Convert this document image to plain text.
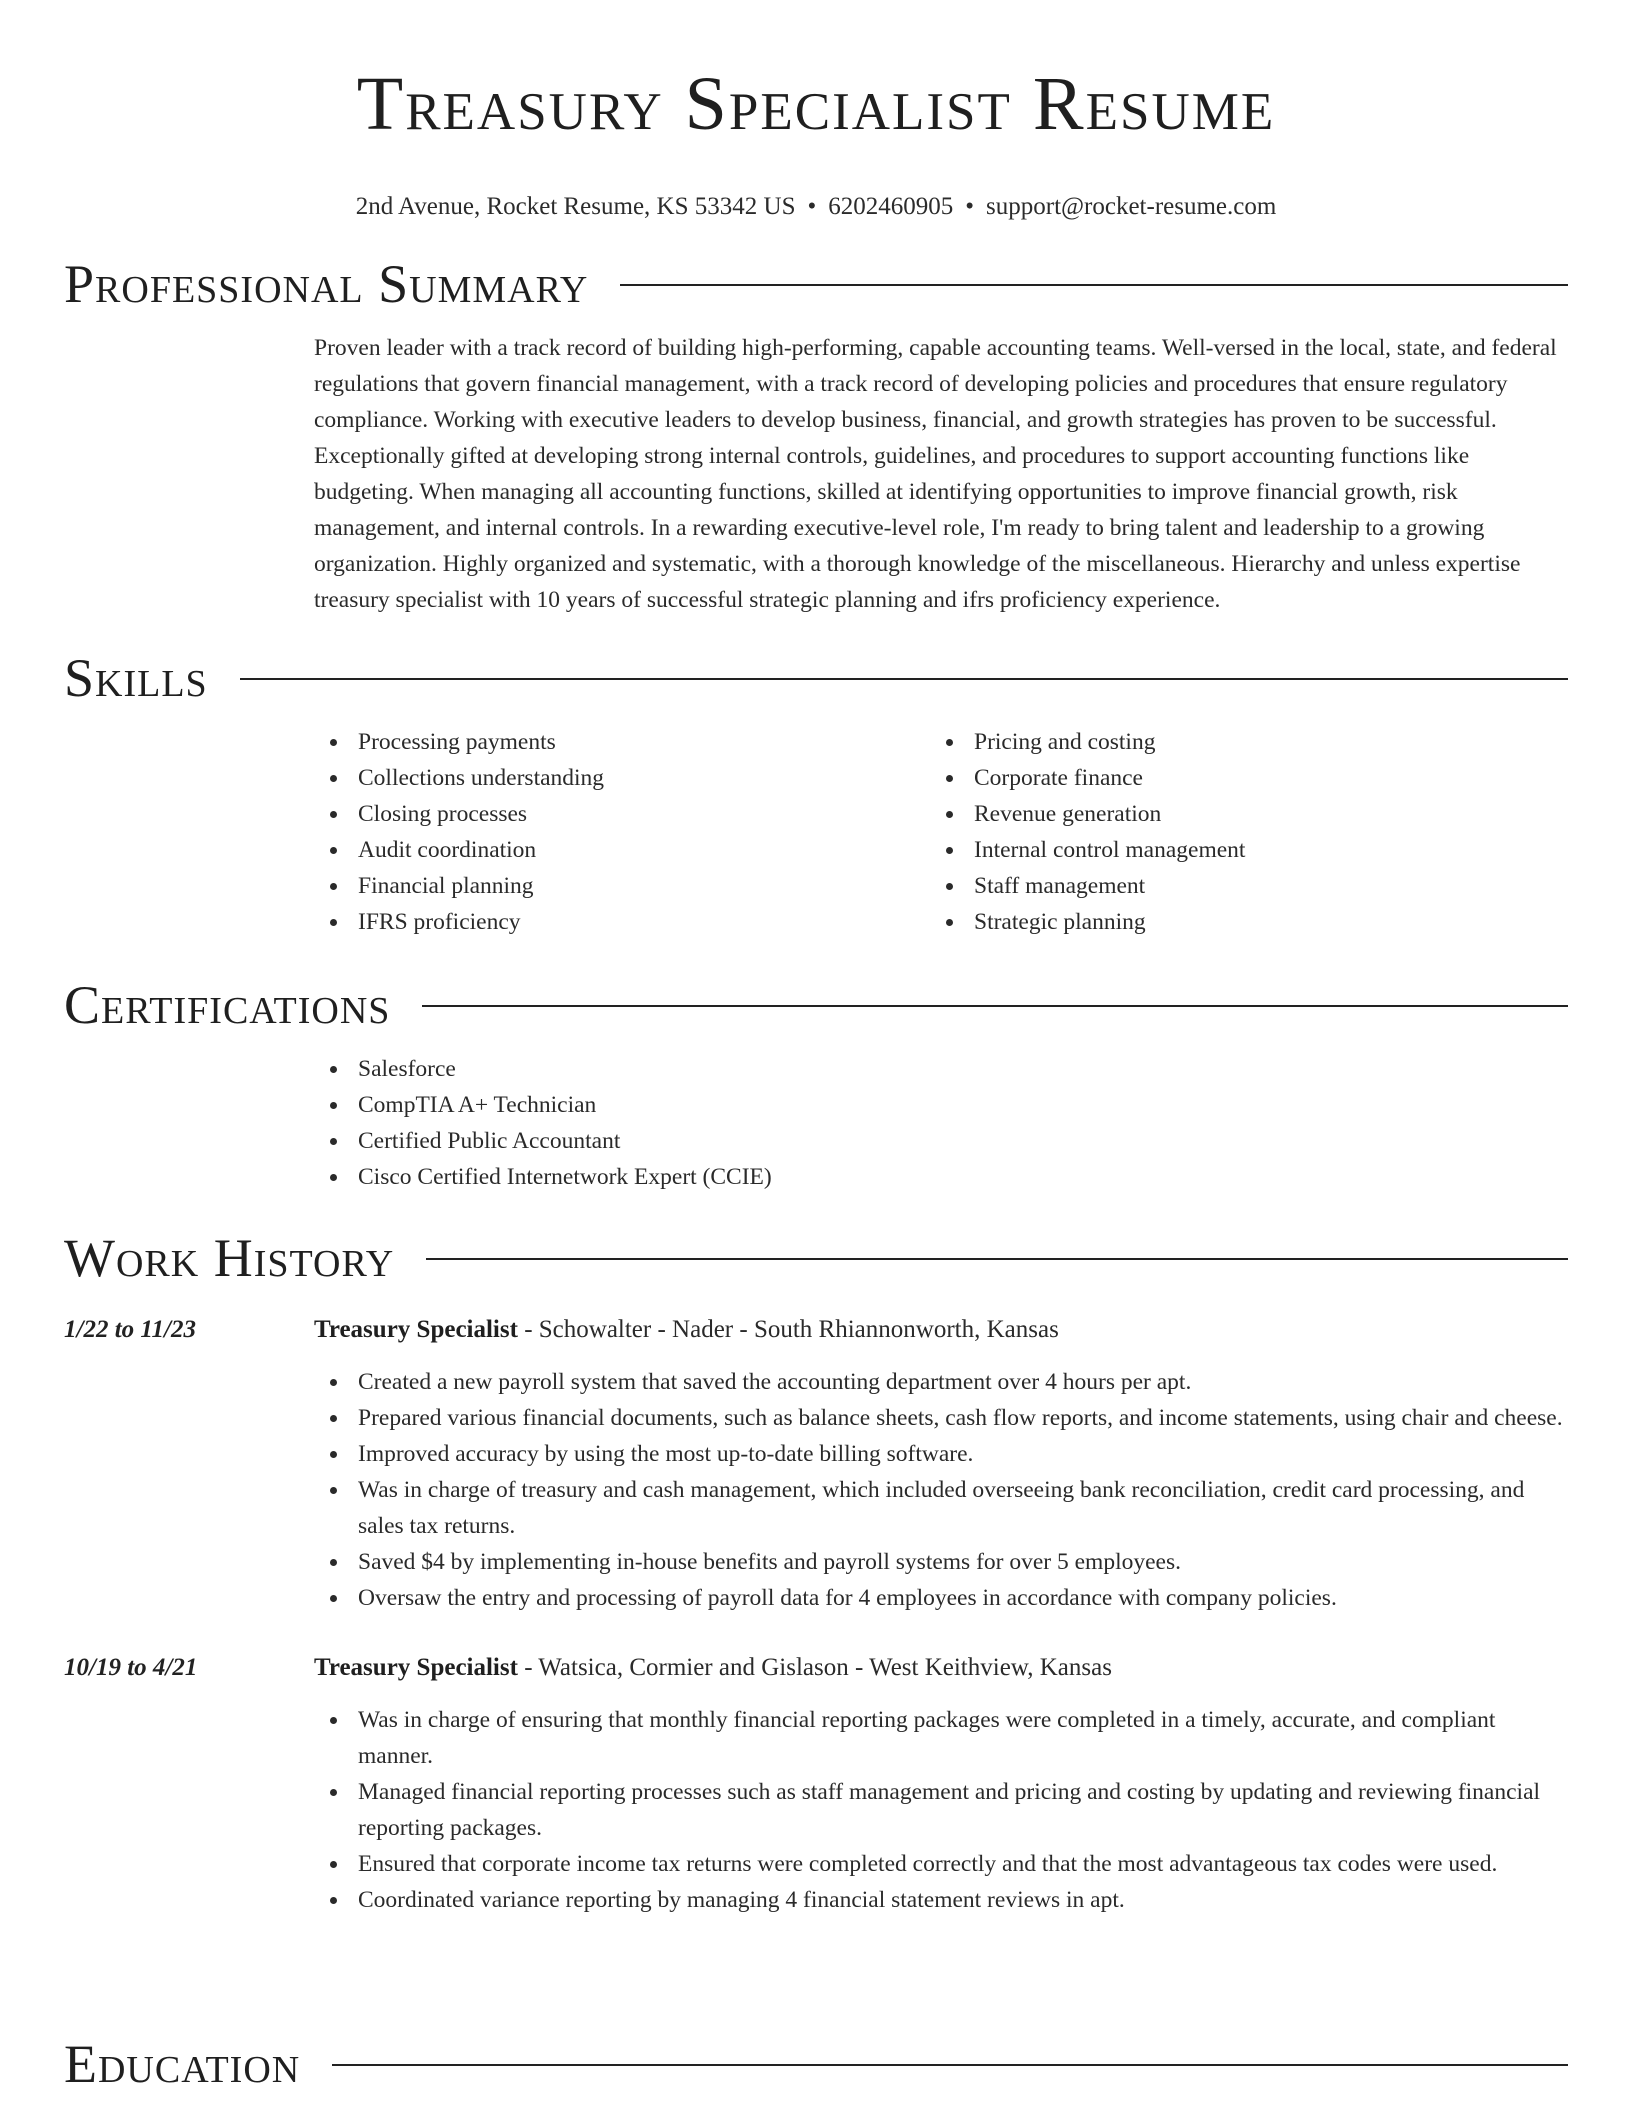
Treasury Specialist Resume
2nd Avenue, Rocket Resume, KS 53342 US • 6202460905 • support@rocket-resume.com
Professional Summary
Proven leader with a track record of building high-performing, capable accounting teams. Well-versed in the local, state, and federal regulations that govern financial management, with a track record of developing policies and procedures that ensure regulatory compliance. Working with executive leaders to develop business, financial, and growth strategies has proven to be successful. Exceptionally gifted at developing strong internal controls, guidelines, and procedures to support accounting functions like budgeting. When managing all accounting functions, skilled at identifying opportunities to improve financial growth, risk management, and internal controls. In a rewarding executive-level role, I'm ready to bring talent and leadership to a growing organization. Highly organized and systematic, with a thorough knowledge of the miscellaneous. Hierarchy and unless expertise treasury specialist with 10 years of successful strategic planning and ifrs proficiency experience.
Skills
Processing payments
Collections understanding
Closing processes
Audit coordination
Financial planning
IFRS proficiency
Pricing and costing
Corporate finance
Revenue generation
Internal control management
Staff management
Strategic planning
Certifications
Salesforce
CompTIA A+ Technician
Certified Public Accountant
Cisco Certified Internetwork Expert (CCIE)
Work History
1/22 to 11/23	Treasury Specialist - Schowalter - Nader - South Rhiannonworth, Kansas
Created a new payroll system that saved the accounting department over 4 hours per apt.
Prepared various financial documents, such as balance sheets, cash flow reports, and income statements, using chair and cheese.
Improved accuracy by using the most up-to-date billing software.
Was in charge of treasury and cash management, which included overseeing bank reconciliation, credit card processing, and sales tax returns.
Saved $4 by implementing in-house benefits and payroll systems for over 5 employees.
Oversaw the entry and processing of payroll data for 4 employees in accordance with company policies.
10/19 to 4/21	Treasury Specialist - Watsica, Cormier and Gislason - West Keithview, Kansas
Was in charge of ensuring that monthly financial reporting packages were completed in a timely, accurate, and compliant manner.
Managed financial reporting processes such as staff management and pricing and costing by updating and reviewing financial reporting packages.
Ensured that corporate income tax returns were completed correctly and that the most advantageous tax codes were used.
Coordinated variance reporting by managing 4 financial statement reviews in apt.
Education
